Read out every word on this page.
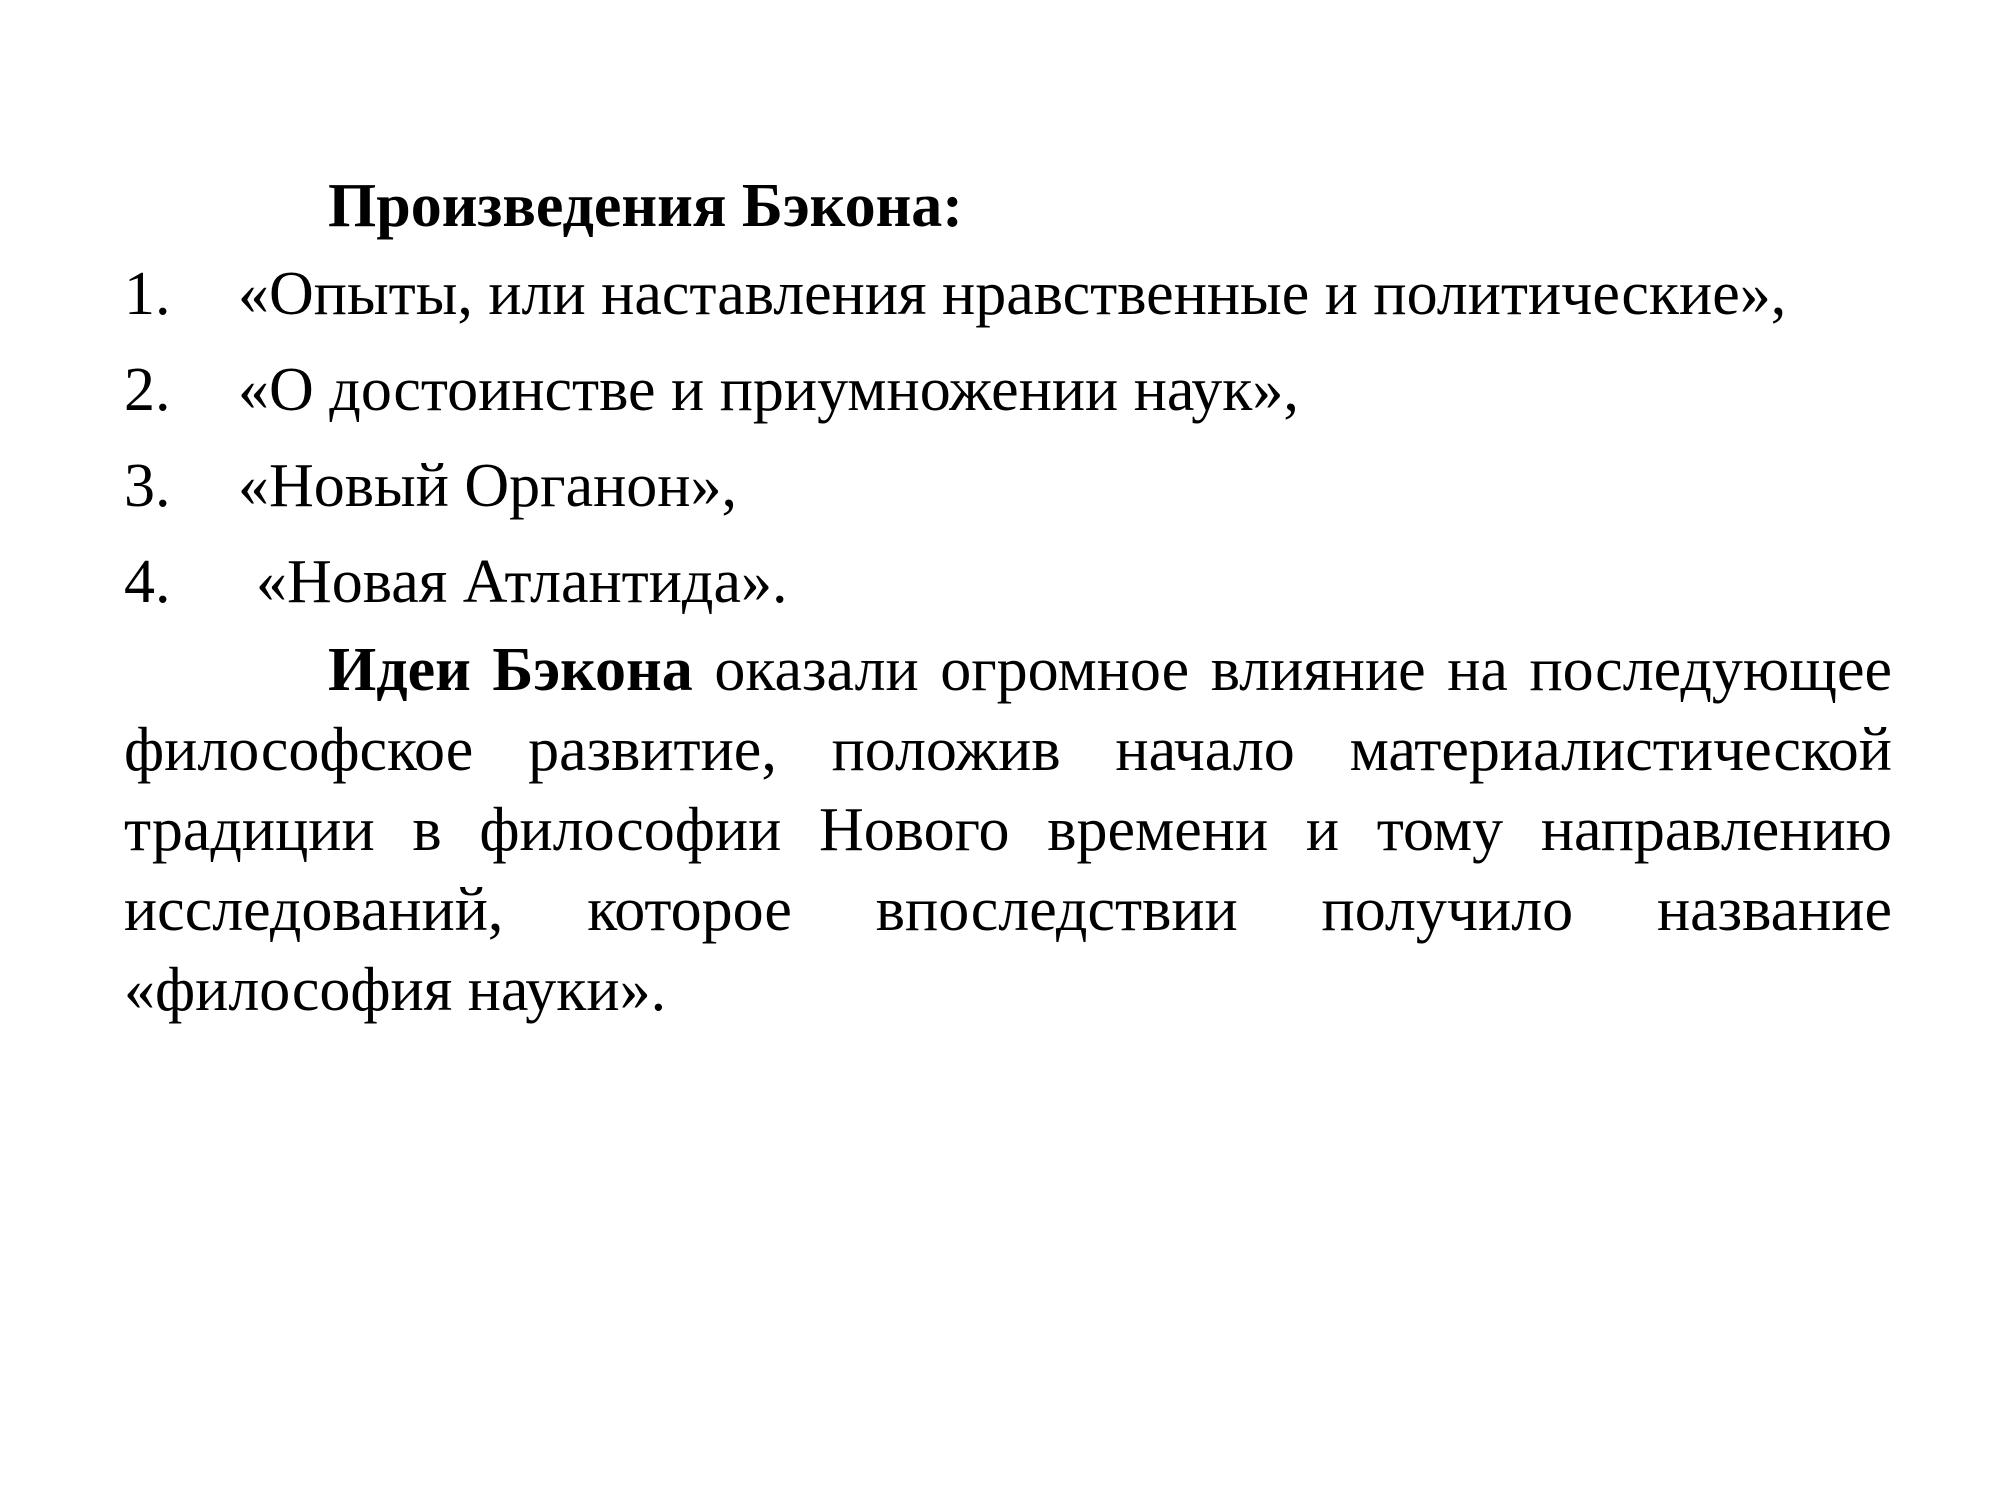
Произведения Бэкона:

1.	«Опыты, или наставления нравственные и политические»,
2.	«О достоинстве и приумножении наук»,
3.	«Новый Органон»,
4.	«Новая Атлантида».

Идеи Бэкона оказали огромное влияние на последующее философское развитие, положив начало материалистической традиции в философии Нового времени и тому направлению исследований, которое впоследствии получило название «философия науки».
